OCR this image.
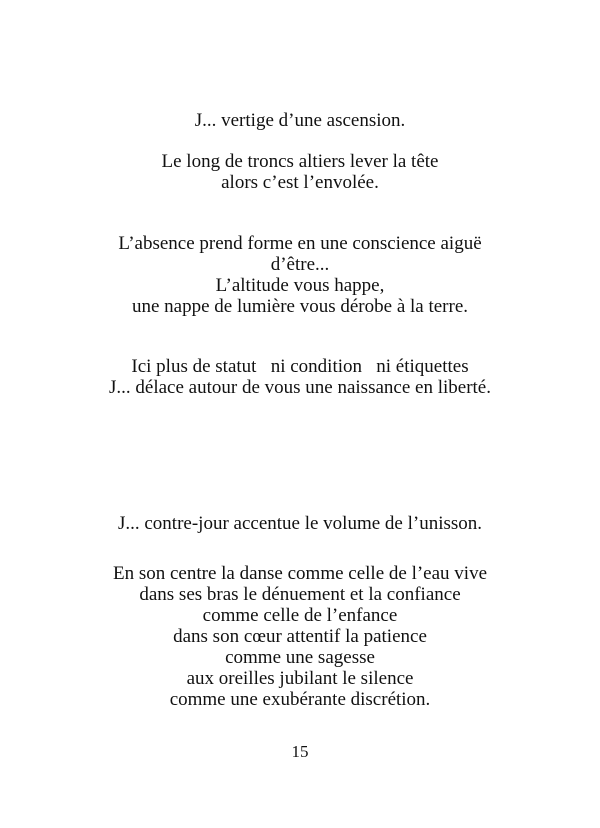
J... vertige d’une ascension.
Le long de troncs altiers lever la tête
alors c’est l’envolée.
L’absence prend forme en une conscience aiguë
d’être...
L’altitude vous happe,
une nappe de lumière vous dérobe à la terre.
Ici plus de statut   ni condition   ni étiquettes
J... délace autour de vous une naissance en liberté.
J... contre-jour accentue le volume de l’unisson.
En son centre la danse comme celle de l’eau vive
dans ses bras le dénuement et la confiance
comme celle de l’enfance
dans son cœur attentif la patience
comme une sagesse
aux oreilles jubilant le silence
comme une exubérante discrétion.
15
